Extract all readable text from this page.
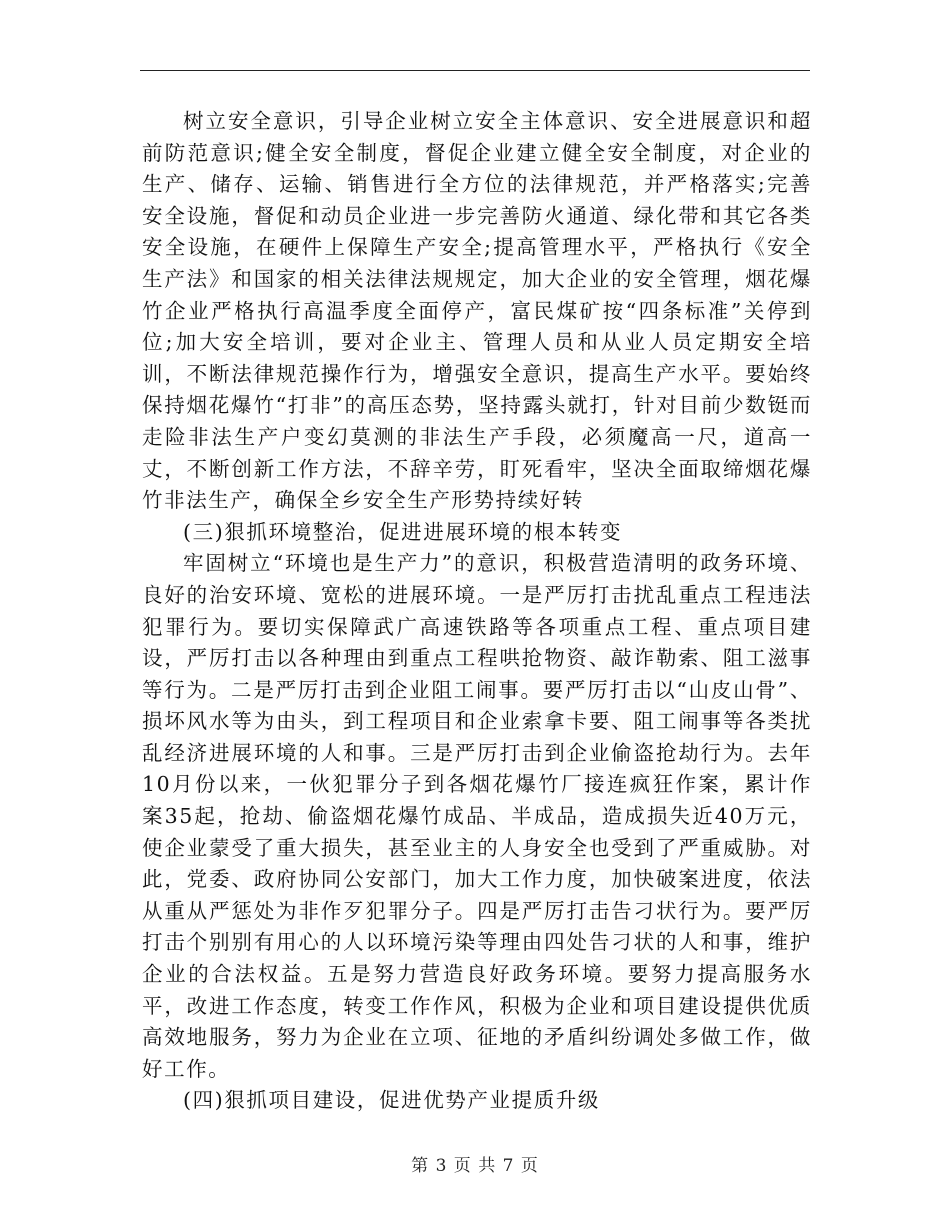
树立安全意识，引导企业树立安全主体意识、安全进展意识和超前防范意识;健全安全制度，督促企业建立健全安全制度，对企业的生产、储存、运输、销售进行全方位的法律规范，并严格落实;完善安全设施，督促和动员企业进一步完善防火通道、绿化带和其它各类安全设施，在硬件上保障生产安全;提高管理水平，严格执行《安全生产法》和国家的相关法律法规规定，加大企业的安全管理，烟花爆竹企业严格执行高温季度全面停产，富民煤矿按“四条标准”关停到位;加大安全培训，要对企业主、管理人员和从业人员定期安全培训，不断法律规范操作行为，增强安全意识，提高生产水平。要始终保持烟花爆竹“打非”的高压态势，坚持露头就打，针对目前少数铤而走险非法生产户变幻莫测的非法生产手段，必须魔高一尺，道高一丈，不断创新工作方法，不辞辛劳，盯死看牢，坚决全面取缔烟花爆竹非法生产，确保全乡安全生产形势持续好转

(三)狠抓环境整治，促进进展环境的根本转变

牢固树立“环境也是生产力”的意识，积极营造清明的政务环境、良好的治安环境、宽松的进展环境。一是严厉打击扰乱重点工程违法犯罪行为。要切实保障武广高速铁路等各项重点工程、重点项目建设，严厉打击以各种理由到重点工程哄抢物资、敲诈勒索、阻工滋事等行为。二是严厉打击到企业阻工闹事。要严厉打击以“山皮山骨”、损坏风水等为由头，到工程项目和企业索拿卡要、阻工闹事等各类扰乱经济进展环境的人和事。三是严厉打击到企业偷盗抢劫行为。去年10月份以来，一伙犯罪分子到各烟花爆竹厂接连疯狂作案，累计作案35起，抢劫、偷盗烟花爆竹成品、半成品，造成损失近40万元，使企业蒙受了重大损失，甚至业主的人身安全也受到了严重威胁。对此，党委、政府协同公安部门，加大工作力度，加快破案进度，依法从重从严惩处为非作歹犯罪分子。四是严厉打击告刁状行为。要严厉打击个别别有用心的人以环境污染等理由四处告刁状的人和事，维护企业的合法权益。五是努力营造良好政务环境。要努力提高服务水平，改进工作态度，转变工作作风，积极为企业和项目建设提供优质高效地服务，努力为企业在立项、征地的矛盾纠纷调处多做工作，做好工作。

(四)狠抓项目建设，促进优势产业提质升级

第 3 页 共 7 页
